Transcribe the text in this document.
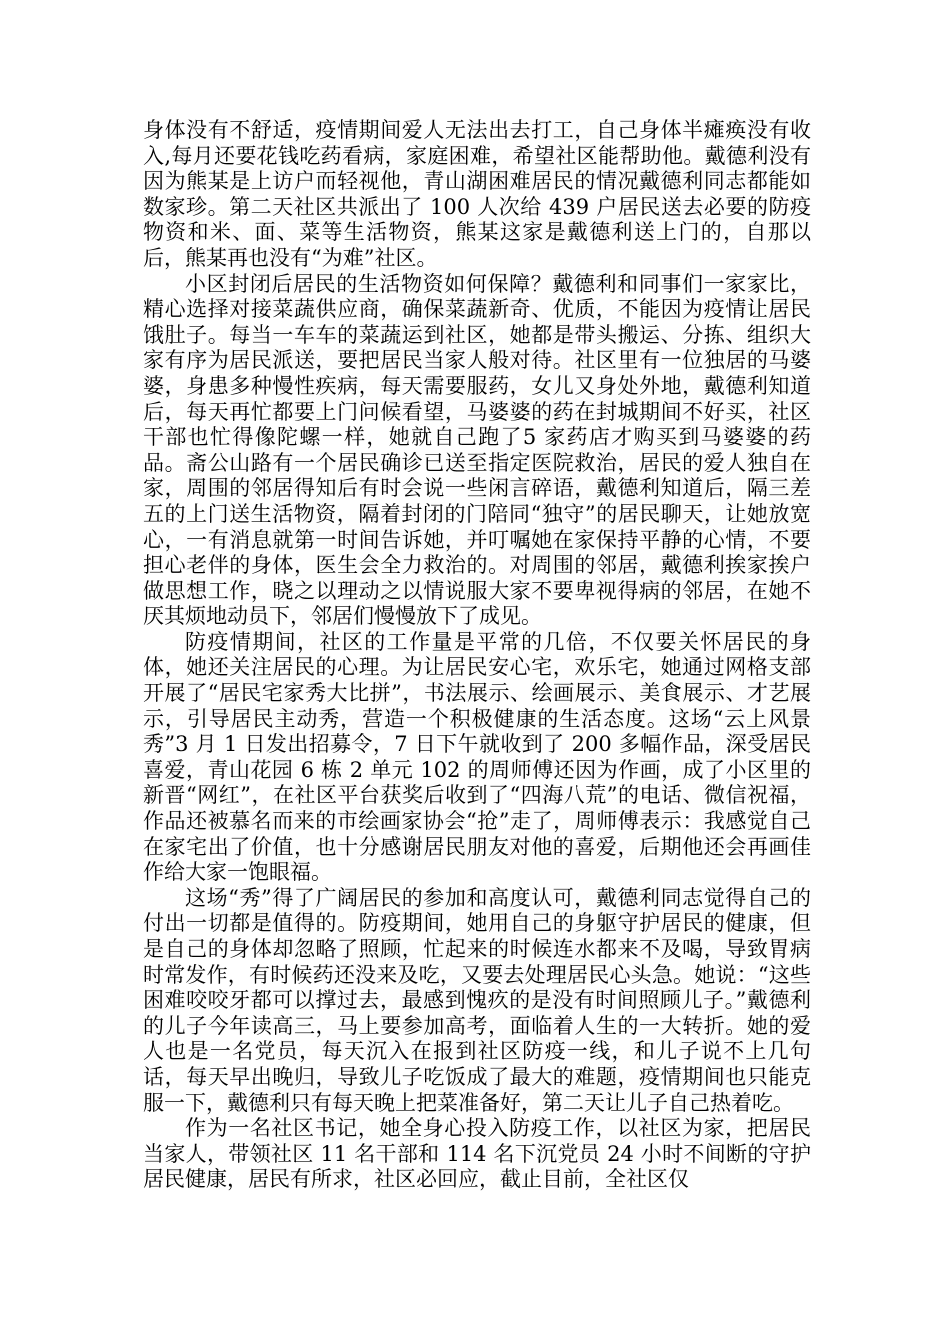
身体没有不舒适，疫情期间爱人无法出去打工，自己身体半瘫痪没有收入,每月还要花钱吃药看病，家庭困难，希望社区能帮助他。戴德利没有因为熊某是上访户而轻视他，青山湖困难居民的情况戴德利同志都能如数家珍。第二天社区共派出了 100 人次给 439 户居民送去必要的防疫物资和米、面、菜等生活物资，熊某这家是戴德利送上门的，自那以后，熊某再也没有“为难”社区。

小区封闭后居民的生活物资如何保障？戴德利和同事们一家家比，精心选择对接菜蔬供应商，确保菜蔬新奇、优质，不能因为疫情让居民饿肚子。每当一车车的菜蔬运到社区，她都是带头搬运、分拣、组织大家有序为居民派送，要把居民当家人般对待。社区里有一位独居的马婆婆，身患多种慢性疾病，每天需要服药，女儿又身处外地，戴德利知道后，每天再忙都要上门问候看望，马婆婆的药在封城期间不好买，社区干部也忙得像陀螺一样，她就自己跑了5 家药店才购买到马婆婆的药品。斋公山路有一个居民确诊已送至指定医院救治，居民的爱人独自在家，周围的邻居得知后有时会说一些闲言碎语，戴德利知道后，隔三差五的上门送生活物资，隔着封闭的门陪同“独守”的居民聊天，让她放宽心，一有消息就第一时间告诉她，并叮嘱她在家保持平静的心情，不要担心老伴的身体，医生会全力救治的。对周围的邻居，戴德利挨家挨户做思想工作，晓之以理动之以情说服大家不要卑视得病的邻居，在她不厌其烦地动员下，邻居们慢慢放下了成见。

防疫情期间，社区的工作量是平常的几倍，不仅要关怀居民的身体，她还关注居民的心理。为让居民安心宅，欢乐宅，她通过网格支部开展了“居民宅家秀大比拼”，书法展示、绘画展示、美食展示、才艺展示，引导居民主动秀，营造一个积极健康的生活态度。这场“云上风景秀”3 月 1 日发出招募令，7 日下午就收到了 200 多幅作品，深受居民喜爱，青山花园 6 栋 2 单元 102 的周师傅还因为作画，成了小区里的新晋“网红”，在社区平台获奖后收到了“四海八荒”的电话、微信祝福，作品还被慕名而来的市绘画家协会“抢”走了，周师傅表示：我感觉自己在家宅出了价值，也十分感谢居民朋友对他的喜爱，后期他还会再画佳作给大家一饱眼福。

这场“秀”得了广阔居民的参加和高度认可，戴德利同志觉得自己的付出一切都是值得的。防疫期间，她用自己的身躯守护居民的健康，但是自己的身体却忽略了照顾，忙起来的时候连水都来不及喝，导致胃病时常发作，有时候药还没来及吃，又要去处理居民心头急。她说：“这些困难咬咬牙都可以撑过去，最感到愧疚的是没有时间照顾儿子。”戴德利的儿子今年读高三，马上要参加高考，面临着人生的一大转折。她的爱人也是一名党员，每天沉入在报到社区防疫一线，和儿子说不上几句话，每天早出晚归，导致儿子吃饭成了最大的难题，疫情期间也只能克服一下，戴德利只有每天晚上把菜准备好，第二天让儿子自己热着吃。

作为一名社区书记，她全身心投入防疫工作，以社区为家，把居民当家人，带领社区 11 名干部和 114 名下沉党员 24 小时不间断的守护居民健康，居民有所求，社区必回应，截止目前，全社区仅
